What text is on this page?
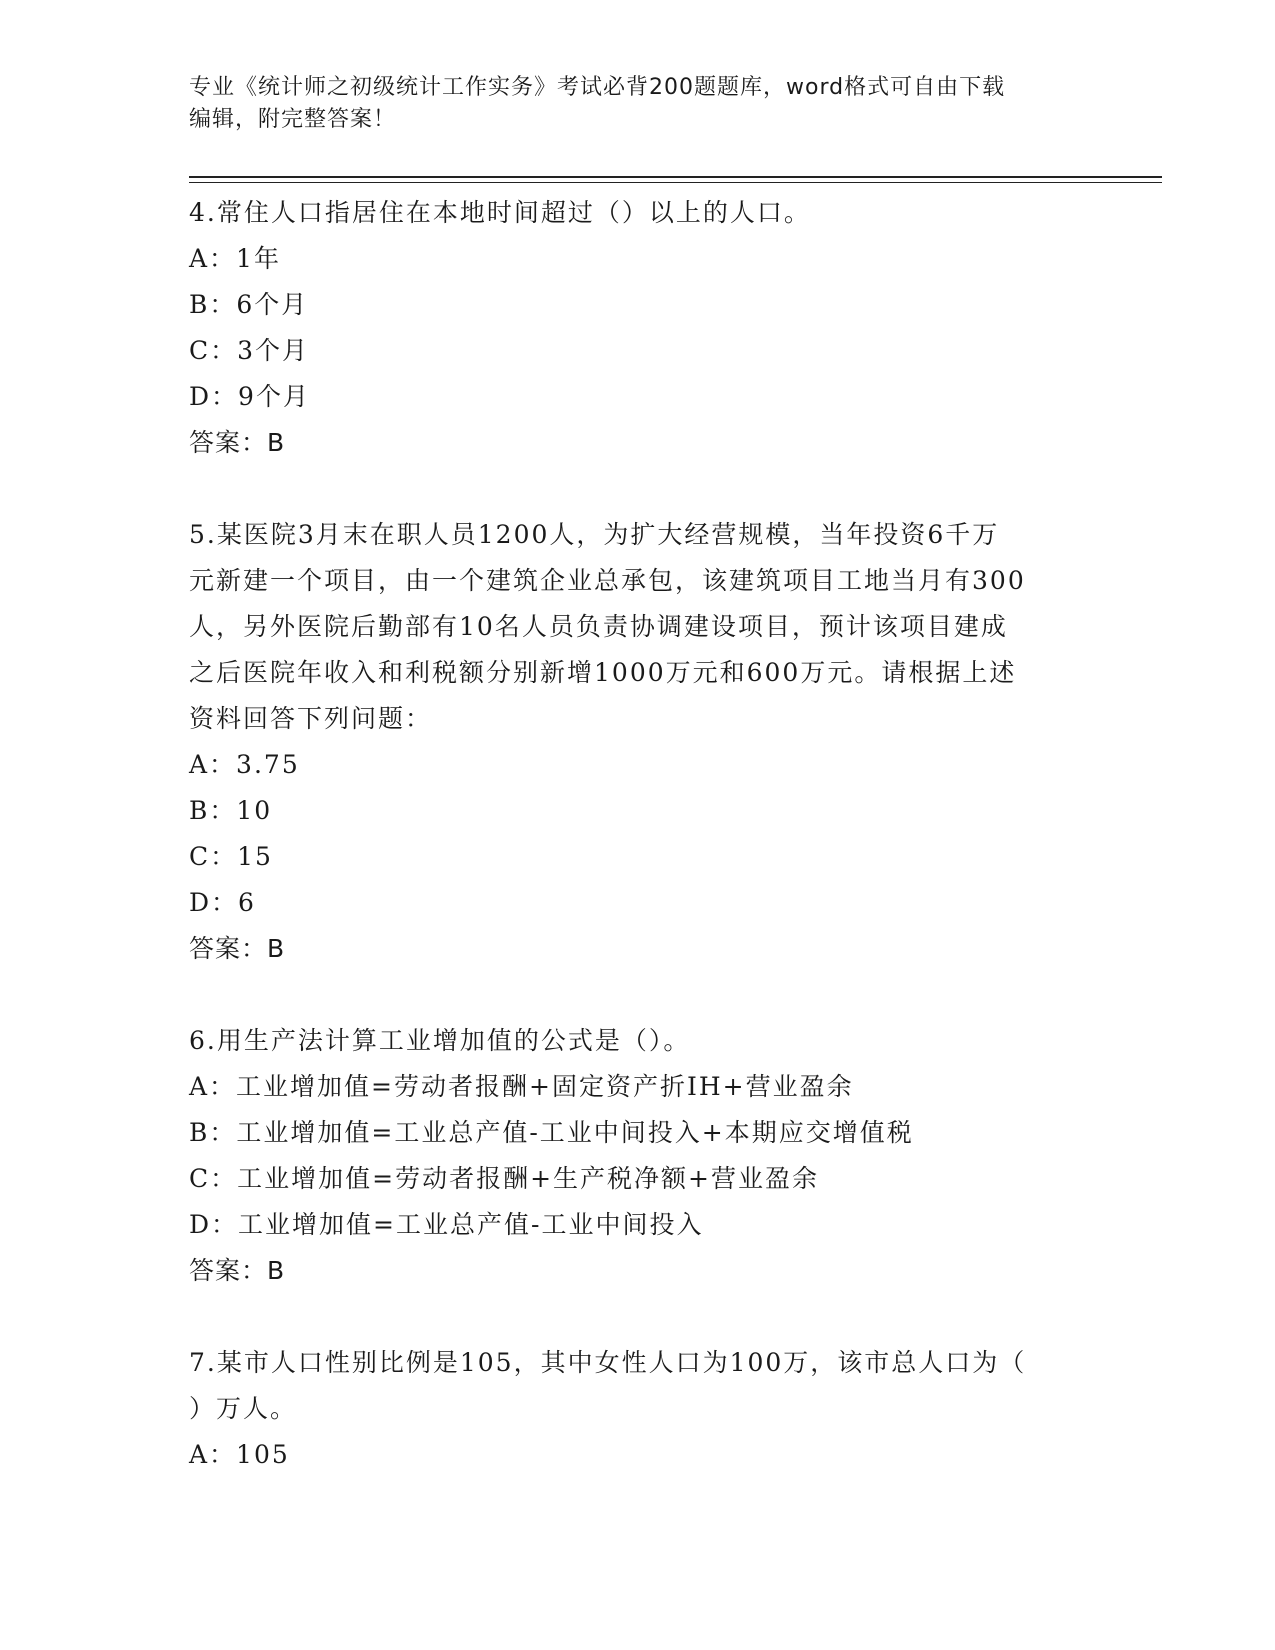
专业《统计师之初级统计工作实务》考试必背200题题库，word格式可自由下载
编辑，附完整答案！

4.常住人口指居住在本地时间超过（）以上的人口。

A：1年

B：6个月

C：3个月

D：9个月

答案：B

5.某医院3月末在职人员1200人，为扩大经营规模，当年投资6千万

元新建一个项目，由一个建筑企业总承包，该建筑项目工地当月有300

人，另外医院后勤部有10名人员负责协调建设项目，预计该项目建成

之后医院年收入和利税额分别新增1000万元和600万元。请根据上述

资料回答下列问题：

A：3.75

B：10

C：15

D：6

答案：B

6.用生产法计算工业增加值的公式是（）。

A：工业增加值=劳动者报酬+固定资产折IH+营业盈余

B：工业增加值=工业总产值-工业中间投入+本期应交增值税

C：工业增加值=劳动者报酬+生产税净额+营业盈余

D：工业增加值=工业总产值-工业中间投入

答案：B

7.某市人口性别比例是105，其中女性人口为100万，该市总人口为（

）万人。

A：105
